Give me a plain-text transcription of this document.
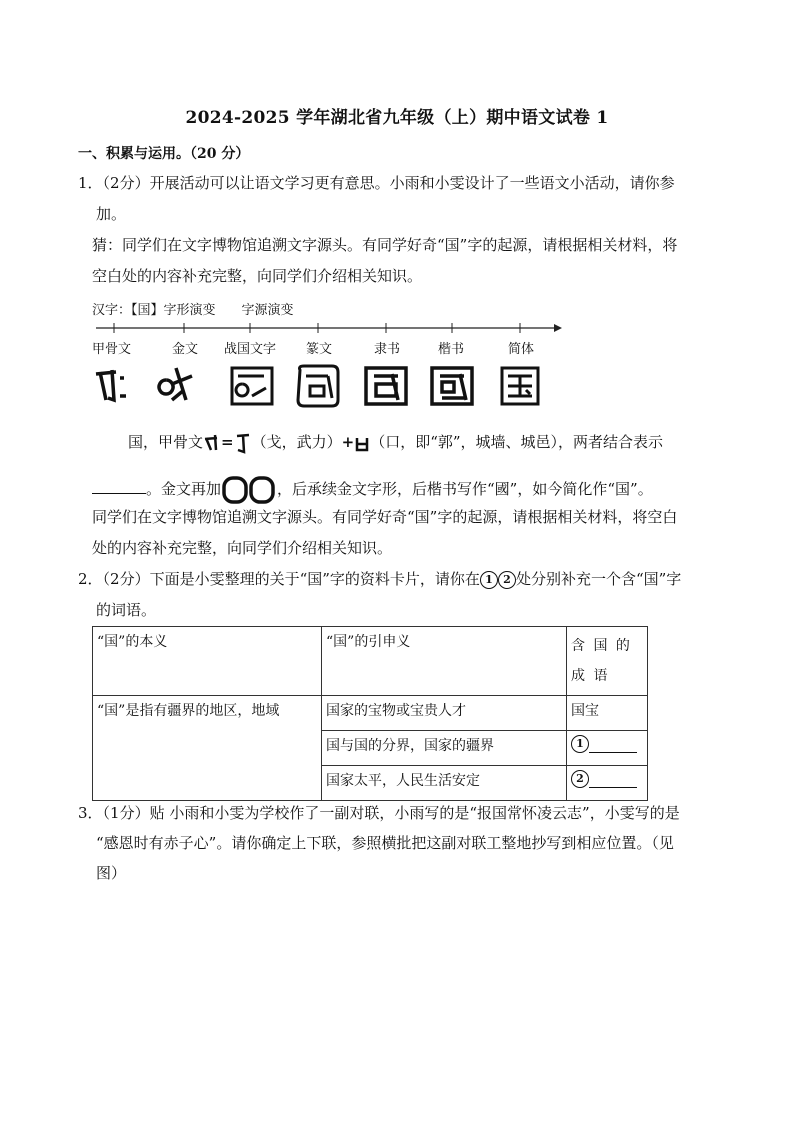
2024-2025 学年湖北省九年级（上）期中语文试卷 1
一、积累与运用。（20 分）
1．（2分）开展活动可以让语文学习更有意思。小雨和小雯设计了一些语文小活动，请你参
加。
猜：同学们在文字博物馆追溯文字源头。有同学好奇“国”字的起源，请根据相关材料，将
空白处的内容补充完整，向同学们介绍相关知识。
汉字：【国】字形演变　　字源演变
甲骨文	金文 战国文字 篆文	隶书	楷书	简体
国，甲骨文 = （戈，武力）+ （口，即“郭”，城墙、城邑），两者结合表示
。金文再加	，后承续金文字形，后楷书写作“國”，如今简化作“国”。
同学们在文字博物馆追溯文字源头。有同学好奇“国”字的起源，请根据相关材料，将空白
处的内容补充完整，向同学们介绍相关知识。
2．（2分）下面是小雯整理的关于“国”字的资料卡片，请你在 1 2 处分别补充一个含“国”字
的词语。
“国”的本义	“国”的引申义	含 国 的 成 语
“国”是指有疆界的地区，地域	国家的宝物或宝贵人才	国宝
	国与国的分界，国家的疆界	1
	国家太平，人民生活安定	2
3．（1分）贴 小雨和小雯为学校作了一副对联，小雨写的是“报国常怀凌云志”，小雯写的是
“感恩时有赤子心”。请你确定上下联，参照横批把这副对联工整地抄写到相应位置。（见
图）
